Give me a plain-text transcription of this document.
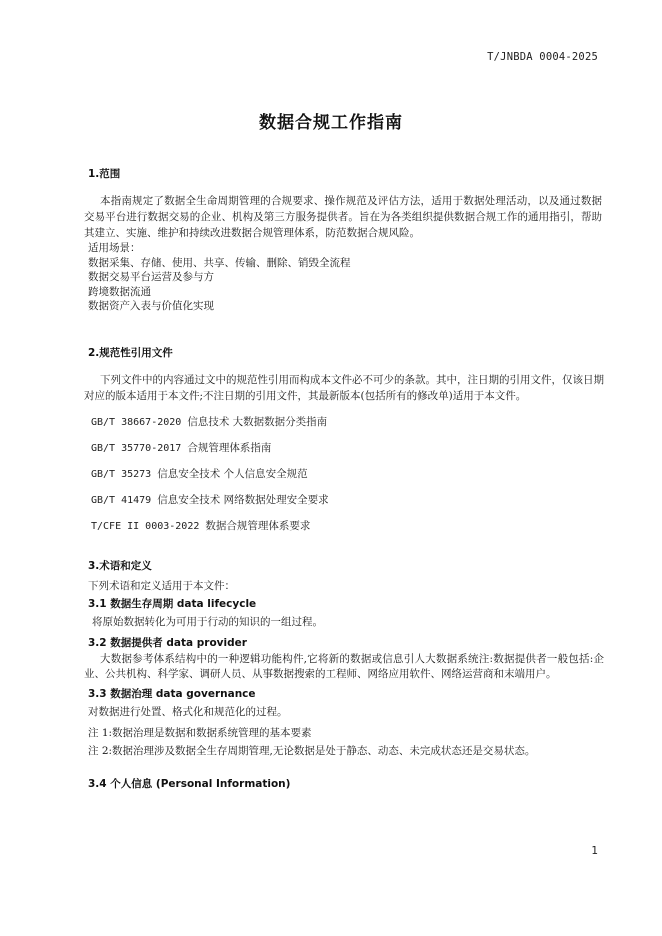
T/JNBDA 0004-2025
数据合规工作指南

1.范围

本指南规定了数据全生命周期管理的合规要求、操作规范及评估方法，适用于数据处理活动，以及通过数据交易平台进行数据交易的企业、机构及第三方服务提供者。旨在为各类组织提供数据合规工作的通用指引，帮助其建立、实施、维护和持续改进数据合规管理体系，防范数据合规风险。

适用场景：

数据采集、存储、使用、共享、传输、删除、销毁全流程

数据交易平台运营及参与方

跨境数据流通

数据资产入表与价值化实现

2.规范性引用文件

下列文件中的内容通过文中的规范性引用而构成本文件必不可少的条款。其中，注日期的引用文件，仅该日期对应的版本适用于本文件;不注日期的引用文件，其最新版本(包括所有的修改单)适用于本文件。

GB/T 38667-2020 信息技术 大数据数据分类指南

GB/T 35770-2017 合规管理体系指南

GB/T 35273 信息安全技术 个人信息安全规范

GB/T 41479 信息安全技术 网络数据处理安全要求

T/CFE II 0003-2022 数据合规管理体系要求

3.术语和定义

下列术语和定义适用于本文件：

3.1 数据生存周期 data lifecycle

将原始数据转化为可用于行动的知识的一组过程。

3.2 数据提供者 data provider

大数据参考体系结构中的一种逻辑功能构件,它将新的数据或信息引人大数据系统注:数据提供者一般包括:企业、公共机构、科学家、调研人员、从事数据搜索的工程师、网络应用软件、网络运营商和末端用户。

3.3 数据治理 data governance

对数据进行处置、格式化和规范化的过程。

注 1:数据治理是数据和数据系统管理的基本要素

注 2:数据治理涉及数据全生存周期管理,无论数据是处于静态、动态、未完成状态还是交易状态。

3.4 个人信息 (Personal Information)

1
